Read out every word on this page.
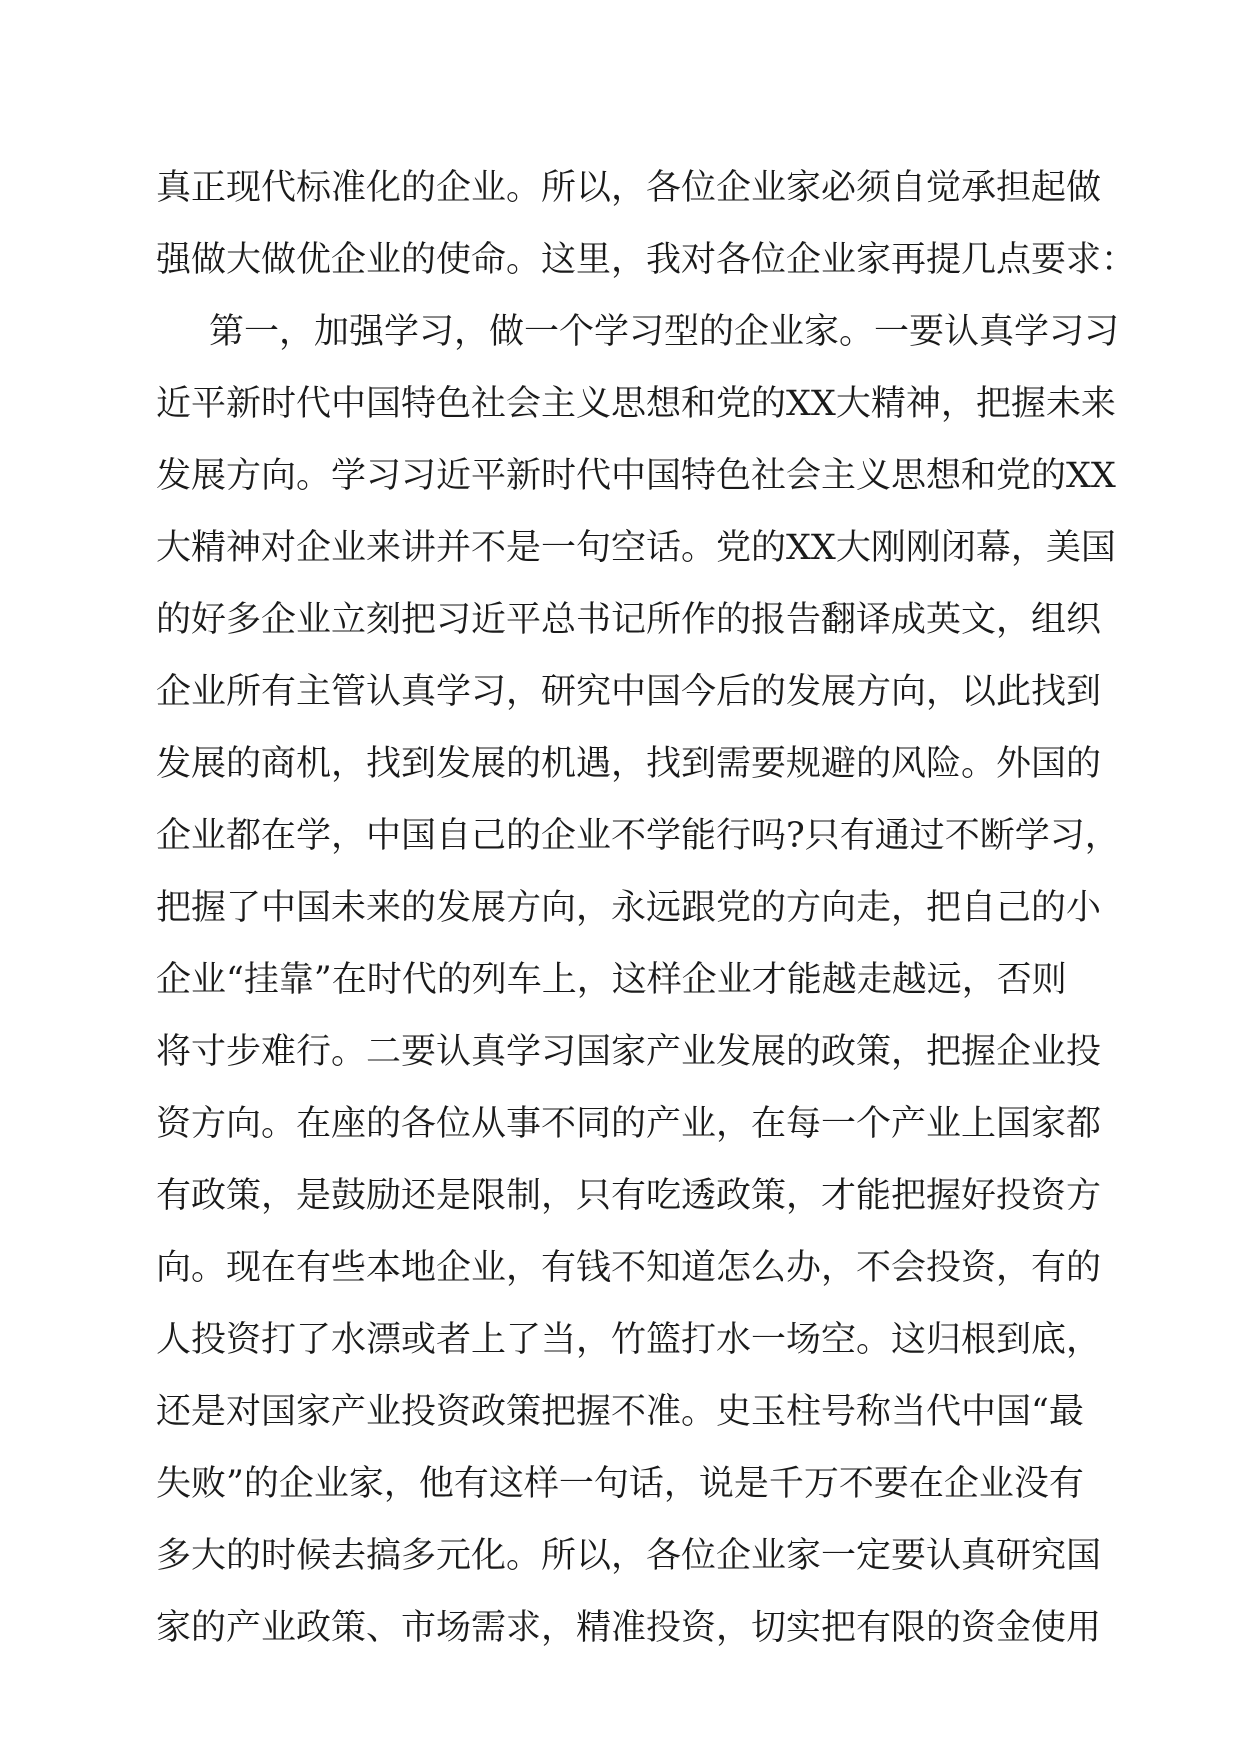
真正现代标准化的企业。所以，各位企业家必须自觉承担起做
强做大做优企业的使命。这里，我对各位企业家再提几点要求：
第一，加强学习，做一个学习型的企业家。一要认真学习习
近平新时代中国特色社会主义思想和党的XX大精神，把握未来
发展方向。学习习近平新时代中国特色社会主义思想和党的XX
大精神对企业来讲并不是一句空话。党的XX大刚刚闭幕，美国
的好多企业立刻把习近平总书记所作的报告翻译成英文，组织
企业所有主管认真学习，研究中国今后的发展方向，以此找到
发展的商机，找到发展的机遇，找到需要规避的风险。外国的
企业都在学，中国自己的企业不学能行吗?只有通过不断学习，
把握了中国未来的发展方向，永远跟党的方向走，把自己的小
企业“挂靠”在时代的列车上，这样企业才能越走越远，否则
将寸步难行。二要认真学习国家产业发展的政策，把握企业投
资方向。在座的各位从事不同的产业，在每一个产业上国家都
有政策，是鼓励还是限制，只有吃透政策，才能把握好投资方
向。现在有些本地企业，有钱不知道怎么办，不会投资，有的
人投资打了水漂或者上了当，竹篮打水一场空。这归根到底，
还是对国家产业投资政策把握不准。史玉柱号称当代中国“最
失败”的企业家，他有这样一句话，说是千万不要在企业没有
多大的时候去搞多元化。所以，各位企业家一定要认真研究国
家的产业政策、市场需求，精准投资，切实把有限的资金使用
